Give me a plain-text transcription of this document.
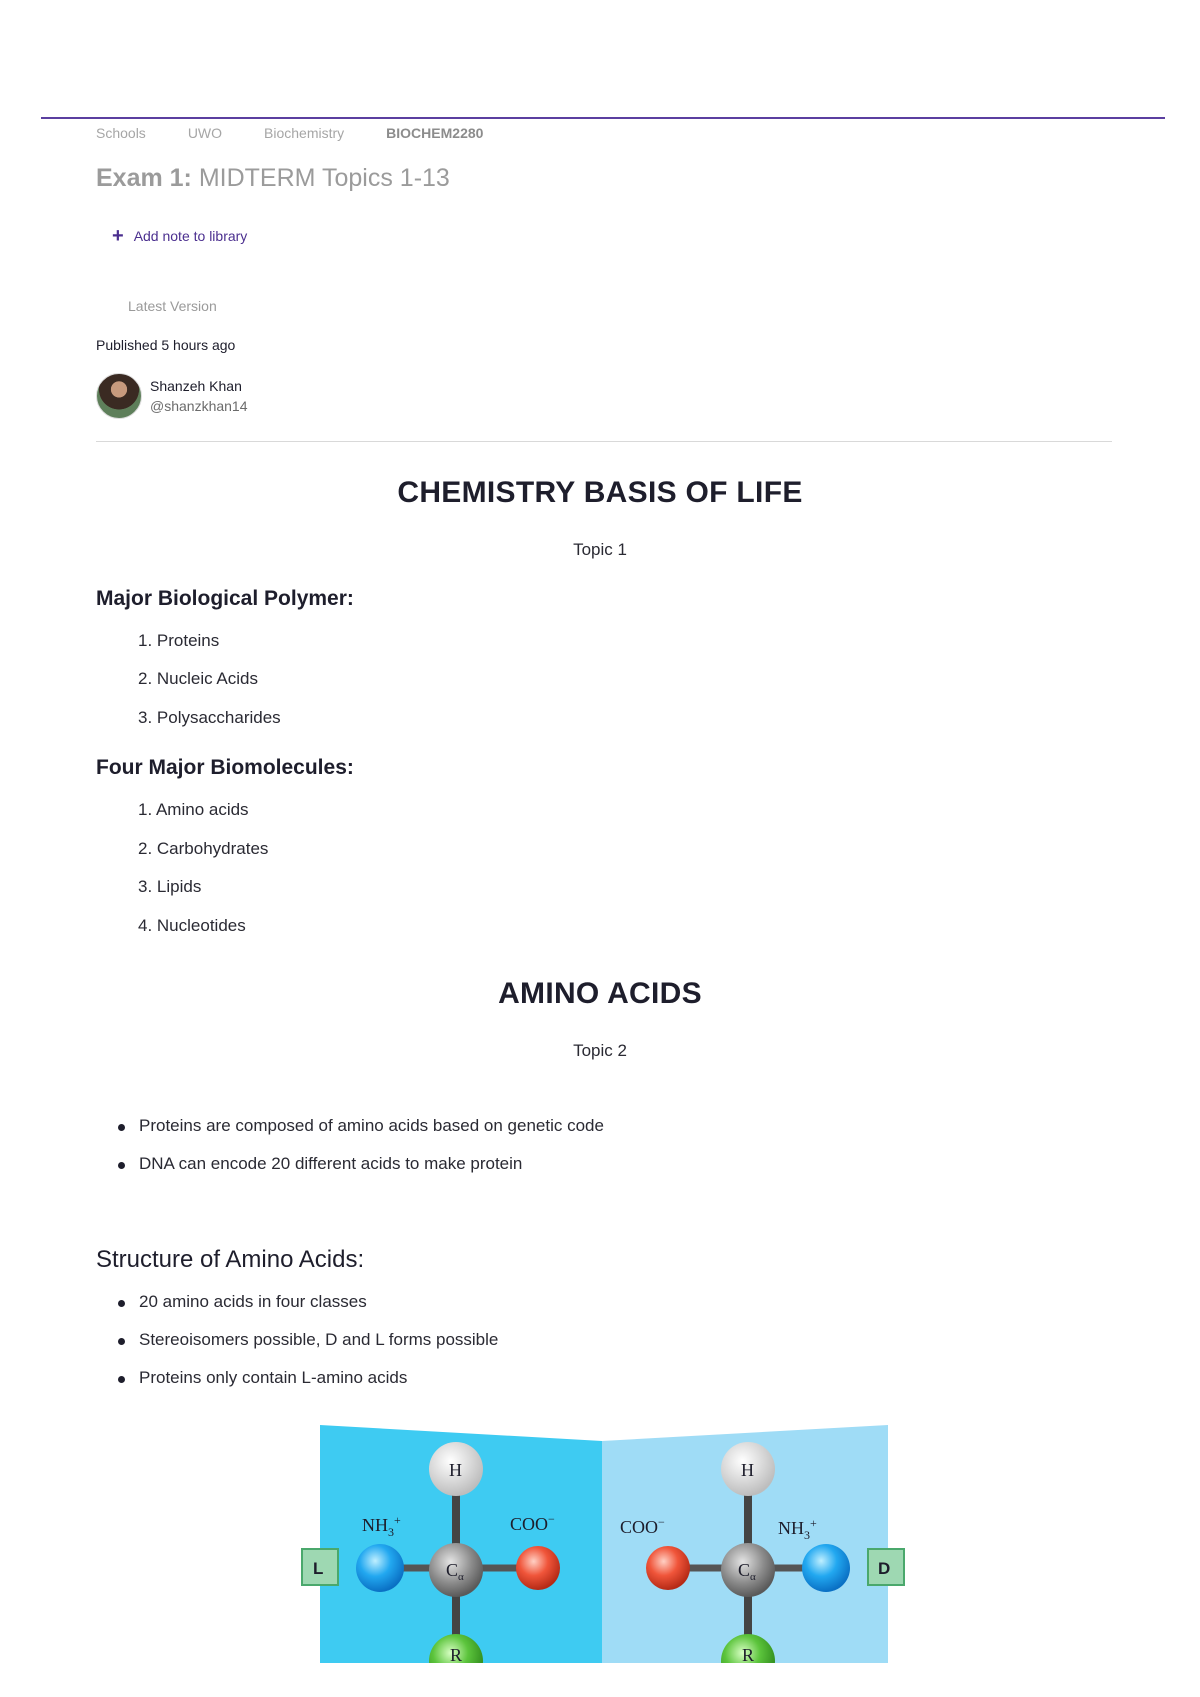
Schools	UWO	Biochemistry	BIOCHEM2280
Exam 1: MIDTERM Topics 1-13
+ Add note to library
Latest Version
Published 5 hours ago
Shanzeh Khan
@shanzkhan14
CHEMISTRY BASIS OF LIFE
Topic 1
Major Biological Polymer:
1. Proteins
2. Nucleic Acids
3. Polysaccharides
Four Major Biomolecules:
1. Amino acids
2. Carbohydrates
3. Lipids
4. Nucleotides
AMINO ACIDS
Topic 2
Proteins are composed of amino acids based on genetic code
DNA can encode 20 different acids to make protein
Structure of Amino Acids:
20 amino acids in four classes
Stereoisomers possible, D and L forms possible
Proteins only contain L-amino acids
H	H
$NH_3^+$	COO−	COO−	$NH_3^+$
$C_\alpha$	$C_\alpha$
R	R
L	D
